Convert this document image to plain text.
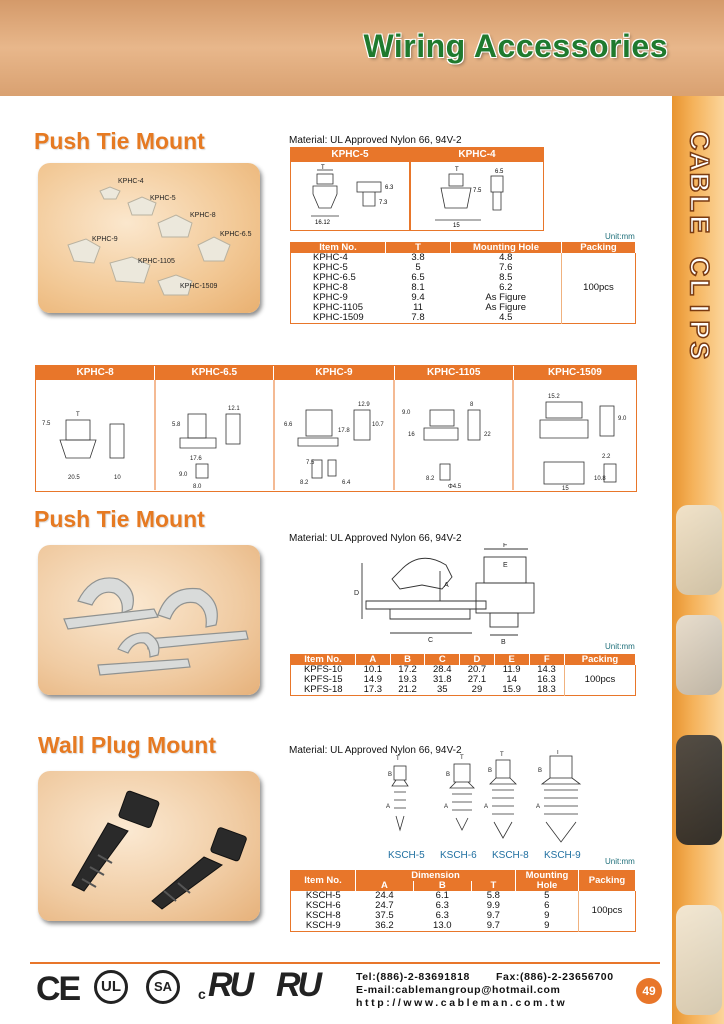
Wiring Accessories
C
A
B
L
E

C
L
I
P
S
Push Tie Mount
KPHC-4
KPHC-5
KPHC-8
KPHC-9
KPHC-6.5
KPHC-1105
KPHC-1509
Material: UL Approved Nylon 66, 94V-2
KPHC-5
T
16.12
6.3
7.3
KPHC-4
T
7.5
15
6.5
Unit:mm
Item No.	T	Mounting Hole	Packing
KPHC-4	3.8	4.8	100pcs
KPHC-5	5	7.6	
KPHC-6.5	6.5	8.5	
KPHC-8	8.1	6.2	
KPHC-9	9.4	As Figure	
KPHC-1105	11	As Figure	
KPHC-1509	7.8	4.5	
KPHC-8	KPHC-6.5	KPHC-9	KPHC-1105	KPHC-1509
7.5
20.5	10
T
5.8
17.6
12.1
9.0
8.0
6.6
17.8
10.7
12.9
8.2	6.4
7.5
9.0
16	22
8.2
Φ4.5
8
15.2
9.0
2.2
10.8
15
Push Tie Mount
Material: UL Approved Nylon 66, 94V-2
D
C
A
F
E
B	Unit:mm
Item No.	A	B	C	D	E	F	Packing
KPFS-10	10.1	17.2	28.4	20.7	11.9	14.3	100pcs
KPFS-15	14.9	19.3	31.8	27.1	14	16.3	
KPFS-18	17.3	21.2	35	29	15.9	18.3	
Wall Plug Mount	Material: UL Approved Nylon 66, 94V-2
T
B
A
T
B
A
T
B
A
T
B
A
KSCH-5 KSCH-6 KSCH-8 KSCH-9
Unit:mm
Item No.	Dimension			Mounting Hole	Packing
	A	B	T		
KSCH-5	24.4	6.1	5.8	5	100pcs
KSCH-6	24.7	6.3	9.9	6	
KSCH-8	37.5	6.3	9.7	9	
KSCH-9	36.2	13.0	9.7	9	
CE UL	SA	c RU RU	Tel:(886)-2-83691818 Fax:(886)-2-23656700
E-mail:cablemangroup@hotmail.com
http://www.cableman.com.tw
49
